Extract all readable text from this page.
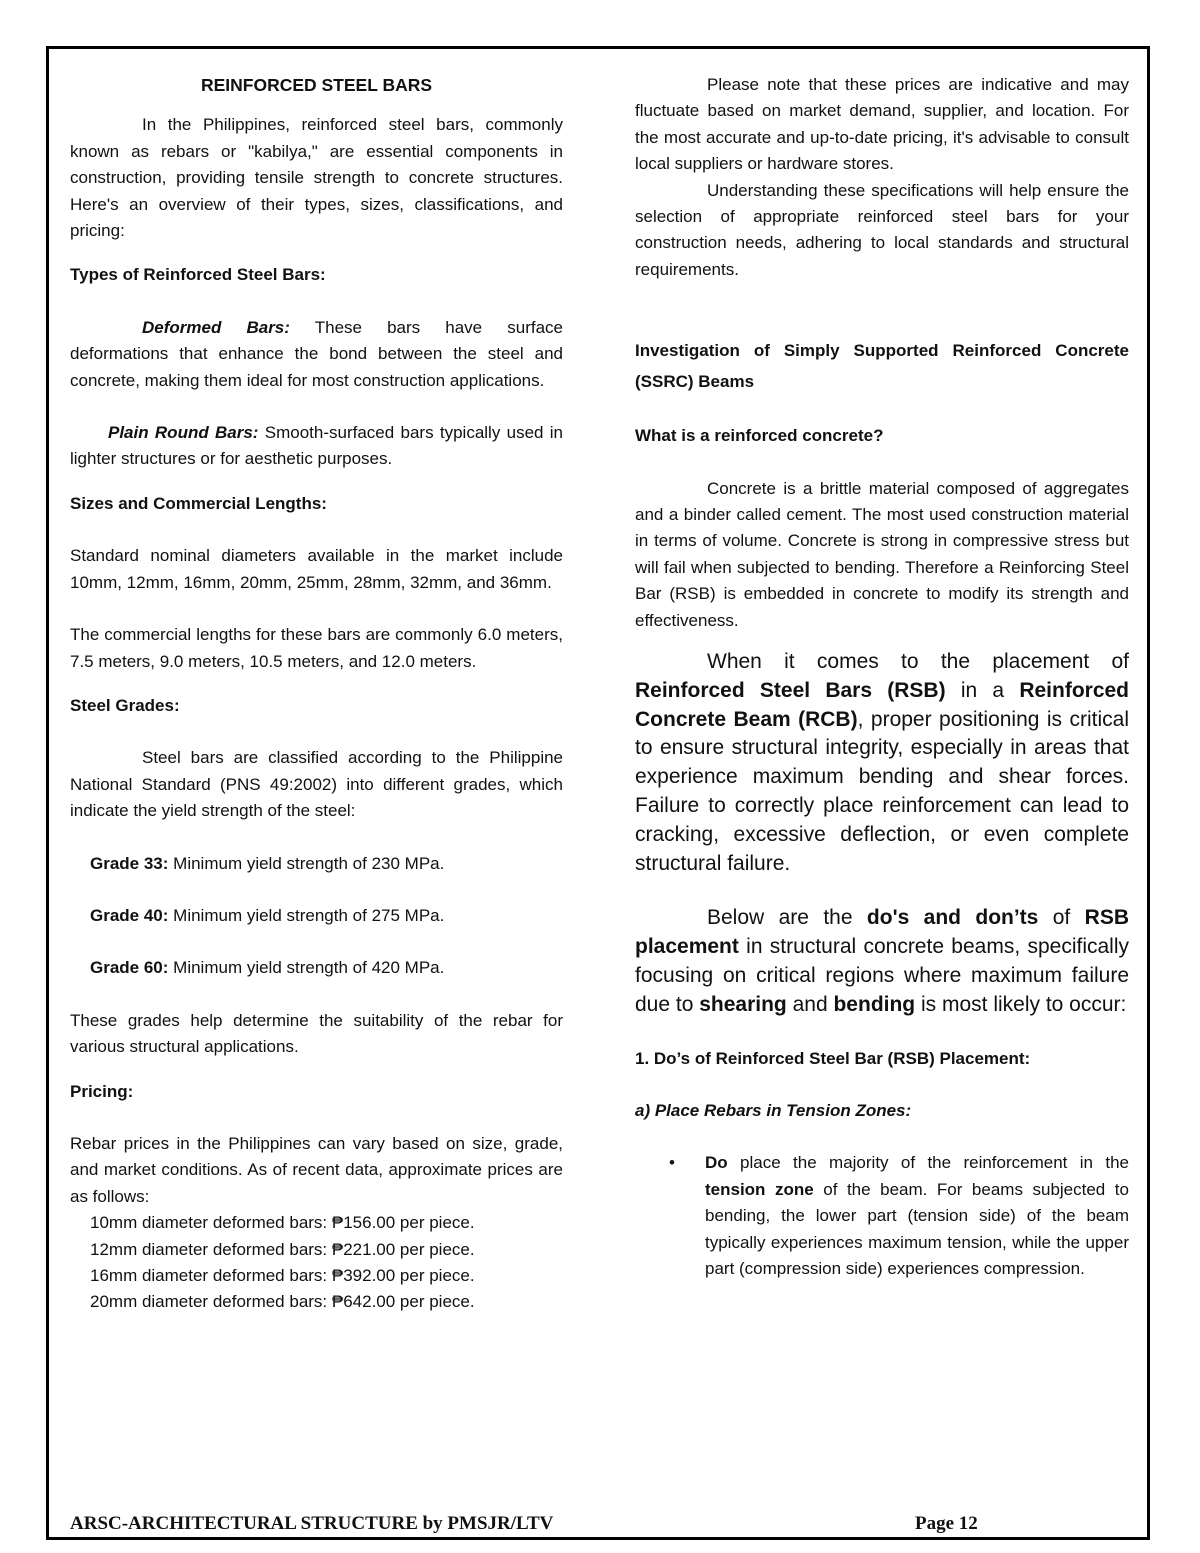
REINFORCED STEEL BARS

In the Philippines, reinforced steel bars, commonly known as rebars or "kabilya," are essential components in construction, providing tensile strength to concrete structures. Here's an overview of their types, sizes, classifications, and pricing:

Types of Reinforced Steel Bars:

Deformed Bars: These bars have surface deformations that enhance the bond between the steel and concrete, making them ideal for most construction applications.

Plain Round Bars: Smooth-surfaced bars typically used in lighter structures or for aesthetic purposes.

Sizes and Commercial Lengths:

Standard nominal diameters available in the market include 10mm, 12mm, 16mm, 20mm, 25mm, 28mm, 32mm, and 36mm.

The commercial lengths for these bars are commonly 6.0 meters, 7.5 meters, 9.0 meters, 10.5 meters, and 12.0 meters.

Steel Grades:

Steel bars are classified according to the Philippine National Standard (PNS 49:2002) into different grades, which indicate the yield strength of the steel:

Grade 33: Minimum yield strength of 230 MPa.

Grade 40: Minimum yield strength of 275 MPa.

Grade 60: Minimum yield strength of 420 MPa.

These grades help determine the suitability of the rebar for various structural applications.

Pricing:

Rebar prices in the Philippines can vary based on size, grade, and market conditions. As of recent data, approximate prices are as follows:

10mm diameter deformed bars: ₱156.00 per piece.

12mm diameter deformed bars: ₱221.00 per piece.

16mm diameter deformed bars: ₱392.00 per piece.

20mm diameter deformed bars: ₱642.00 per piece.

Please note that these prices are indicative and may fluctuate based on market demand, supplier, and location. For the most accurate and up-to-date pricing, it's advisable to consult local suppliers or hardware stores.

Understanding these specifications will help ensure the selection of appropriate reinforced steel bars for your construction needs, adhering to local standards and structural requirements.

Investigation of Simply Supported Reinforced Concrete (SSRC) Beams

What is a reinforced concrete?

Concrete is a brittle material composed of aggregates and a binder called cement. The most used construction material in terms of volume. Concrete is strong in compressive stress but will fail when subjected to bending. Therefore a Reinforcing Steel Bar (RSB) is embedded in concrete to modify its strength and effectiveness.

When it comes to the placement of Reinforced Steel Bars (RSB) in a Reinforced Concrete Beam (RCB), proper positioning is critical to ensure structural integrity, especially in areas that experience maximum bending and shear forces. Failure to correctly place reinforcement can lead to cracking, excessive deflection, or even complete structural failure.

Below are the do's and don’ts of RSB placement in structural concrete beams, specifically focusing on critical regions where maximum failure due to shearing and bending is most likely to occur:

1. Do’s of Reinforced Steel Bar (RSB) Placement:

a) Place Rebars in Tension Zones:

• Do place the majority of the reinforcement in the tension zone of the beam. For beams subjected to bending, the lower part (tension side) of the beam typically experiences maximum tension, while the upper part (compression side) experiences compression.

ARSC-ARCHITECTURAL STRUCTURE by PMSJR/LTV	Page 12
